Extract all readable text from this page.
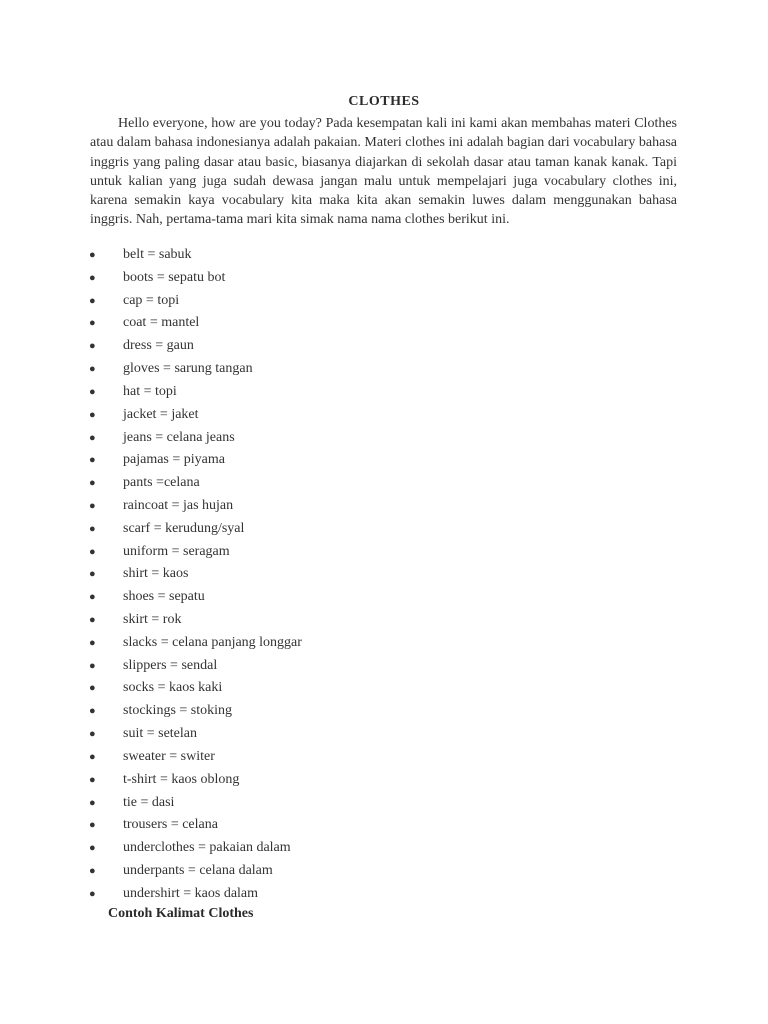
CLOTHES

Hello everyone, how are you today? Pada kesempatan kali ini kami akan membahas materi Clothes atau dalam bahasa indonesianya adalah pakaian. Materi clothes ini adalah bagian dari vocabulary bahasa inggris yang paling dasar atau basic, biasanya diajarkan di sekolah dasar atau taman kanak kanak. Tapi untuk kalian yang juga sudah dewasa jangan malu untuk mempelajari juga vocabulary clothes ini, karena semakin kaya vocabulary kita maka kita akan semakin luwes dalam menggunakan bahasa inggris. Nah, pertama-tama mari kita simak nama nama clothes berikut ini.

● belt = sabuk
● boots = sepatu bot
● cap = topi
● coat = mantel
● dress = gaun
● gloves = sarung tangan
● hat = topi
● jacket = jaket
● jeans = celana jeans
● pajamas = piyama
● pants =celana
● raincoat = jas hujan
● scarf = kerudung/syal
● uniform = seragam
● shirt = kaos
● shoes = sepatu
● skirt = rok
● slacks = celana panjang longgar
● slippers = sendal
● socks = kaos kaki
● stockings = stoking
● suit = setelan
● sweater = switer
● t-shirt = kaos oblong
● tie = dasi
● trousers = celana
● underclothes = pakaian dalam
● underpants = celana dalam
● undershirt = kaos dalam
Contoh Kalimat Clothes
